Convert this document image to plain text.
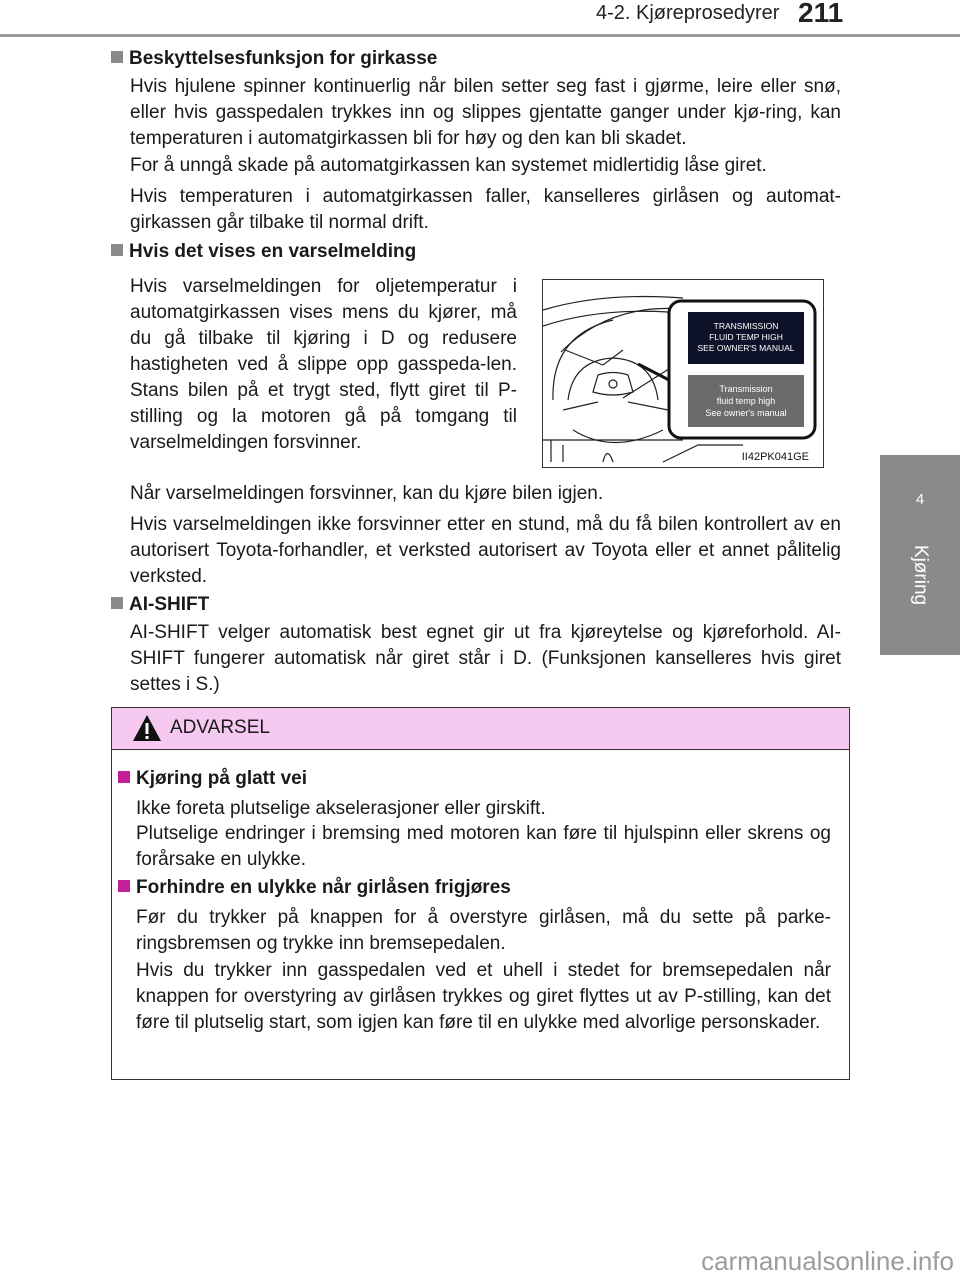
4-2. Kjøreprosedyrer 211
4
Kjøring
Beskyttelsesfunksjon for girkasse
Hvis hjulene spinner kontinuerlig når bilen setter seg fast i gjørme, leire eller snø, eller hvis gasspedalen trykkes inn og slippes gjentatte ganger under kjø-ring, kan temperaturen i automatgirkassen bli for høy og den kan bli skadet.
For å unngå skade på automatgirkassen kan systemet midlertidig låse giret.
Hvis temperaturen i automatgirkassen faller, kanselleres girlåsen og automat-girkassen går tilbake til normal drift.
Hvis det vises en varselmelding
Hvis varselmeldingen for oljetemperatur i automatgirkassen vises mens du kjører, må du gå tilbake til kjøring i D og redusere hastigheten ved å slippe opp gasspeda-len. Stans bilen på et trygt sted, flytt giret til P-stilling og la motoren gå på tomgang til varselmeldingen forsvinner.
TRANSMISSION
FLUID TEMP HIGH
SEE OWNER'S MANUAL
Transmission
fluid temp high
See owner's manual
II42PK041GE
Når varselmeldingen forsvinner, kan du kjøre bilen igjen.
Hvis varselmeldingen ikke forsvinner etter en stund, må du få bilen kontrollert av en autorisert Toyota-forhandler, et verksted autorisert av Toyota eller et annet pålitelig verksted.
AI-SHIFT
AI-SHIFT velger automatisk best egnet gir ut fra kjøreytelse og kjøreforhold. AI-SHIFT fungerer automatisk når giret står i D. (Funksjonen kanselleres hvis giret settes i S.)
ADVARSEL
Kjøring på glatt vei
Ikke foreta plutselige akselerasjoner eller girskift.
Plutselige endringer i bremsing med motoren kan føre til hjulspinn eller skrens og forårsake en ulykke.
Forhindre en ulykke når girlåsen frigjøres
Før du trykker på knappen for å overstyre girlåsen, må du sette på parke-ringsbremsen og trykke inn bremsepedalen.
Hvis du trykker inn gasspedalen ved et uhell i stedet for bremsepedalen når knappen for overstyring av girlåsen trykkes og giret flyttes ut av P-stilling, kan det føre til plutselig start, som igjen kan føre til en ulykke med alvorlige personskader.
carmanualsonline.info
